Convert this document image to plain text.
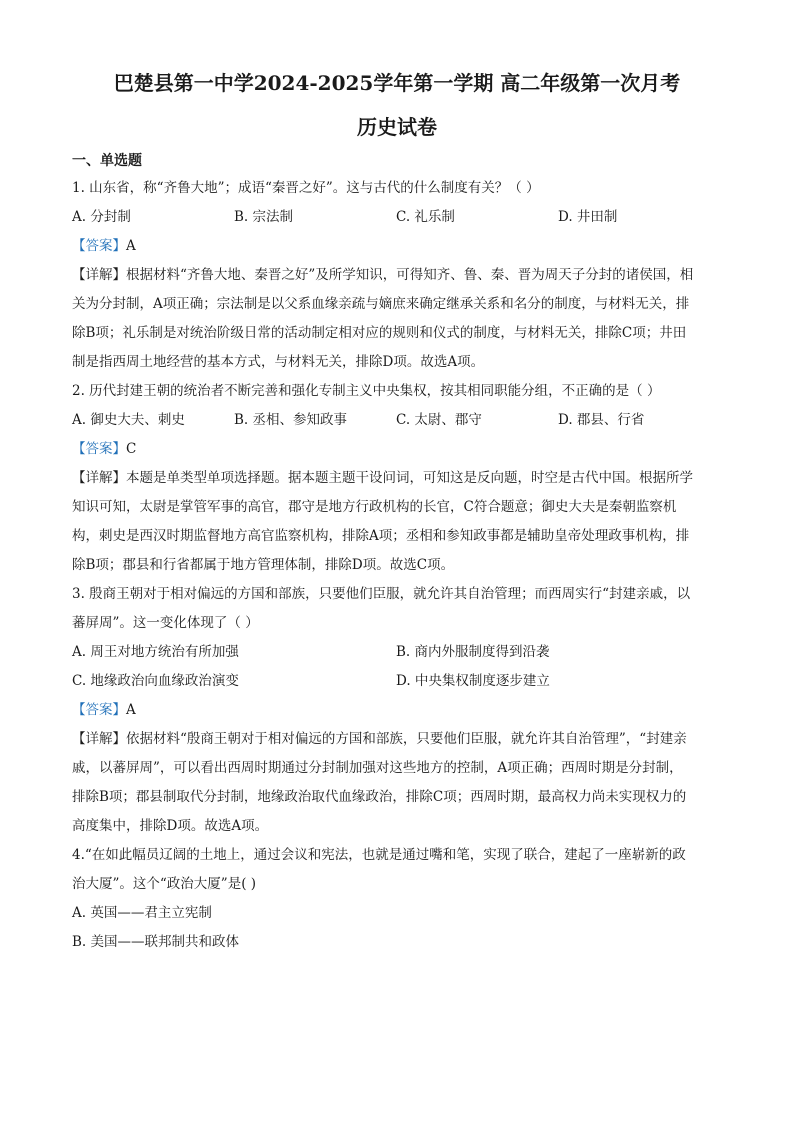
巴楚县第一中学2024-2025学年第一学期 高二年级第一次月考
历史试卷
一、单选题
1. 山东省，称“齐鲁大地”；成语“秦晋之好”。这与古代的什么制度有关？（ ）
A. 分封制	B. 宗法制	C. 礼乐制	D. 井田制
【答案】A
【详解】根据材料“齐鲁大地、秦晋之好”及所学知识，可得知齐、鲁、秦、晋为周天子分封的诸侯国，相
关为分封制，A项正确；宗法制是以父系血缘亲疏与嫡庶来确定继承关系和名分的制度，与材料无关，排
除B项；礼乐制是对统治阶级日常的活动制定相对应的规则和仪式的制度，与材料无关，排除C项；井田
制是指西周土地经营的基本方式，与材料无关，排除D项。故选A项。
2. 历代封建王朝的统治者不断完善和强化专制主义中央集权，按其相同职能分组，不正确的是（ ）
A. 御史大夫、刺史	B. 丞相、参知政事	C. 太尉、郡守	D. 郡县、行省
【答案】C
【详解】本题是单类型单项选择题。据本题主题干设问词，可知这是反向题，时空是古代中国。根据所学
知识可知，太尉是掌管军事的高官，郡守是地方行政机构的长官，C符合题意；御史大夫是秦朝监察机
构，刺史是西汉时期监督地方高官监察机构，排除A项；丞相和参知政事都是辅助皇帝处理政事机构，排
除B项；郡县和行省都属于地方管理体制，排除D项。故选C项。
3. 殷商王朝对于相对偏远的方国和部族，只要他们臣服，就允许其自治管理；而西周实行“封建亲戚，以
蕃屏周”。这一变化体现了（ ）
A. 周王对地方统治有所加强	B. 商内外服制度得到沿袭
C. 地缘政治向血缘政治演变	D. 中央集权制度逐步建立
【答案】A
【详解】依据材料“殷商王朝对于相对偏远的方国和部族，只要他们臣服，就允许其自治管理”，“封建亲
戚，以蕃屏周”，可以看出西周时期通过分封制加强对这些地方的控制，A项正确；西周时期是分封制，
排除B项；郡县制取代分封制，地缘政治取代血缘政治，排除C项；西周时期，最高权力尚未实现权力的
高度集中，排除D项。故选A项。
4.“在如此幅员辽阔的土地上，通过会议和宪法，也就是通过嘴和笔，实现了联合，建起了一座崭新的政
治大厦”。这个“政治大厦”是( )
A. 英国——君主立宪制
B. 美国——联邦制共和政体
